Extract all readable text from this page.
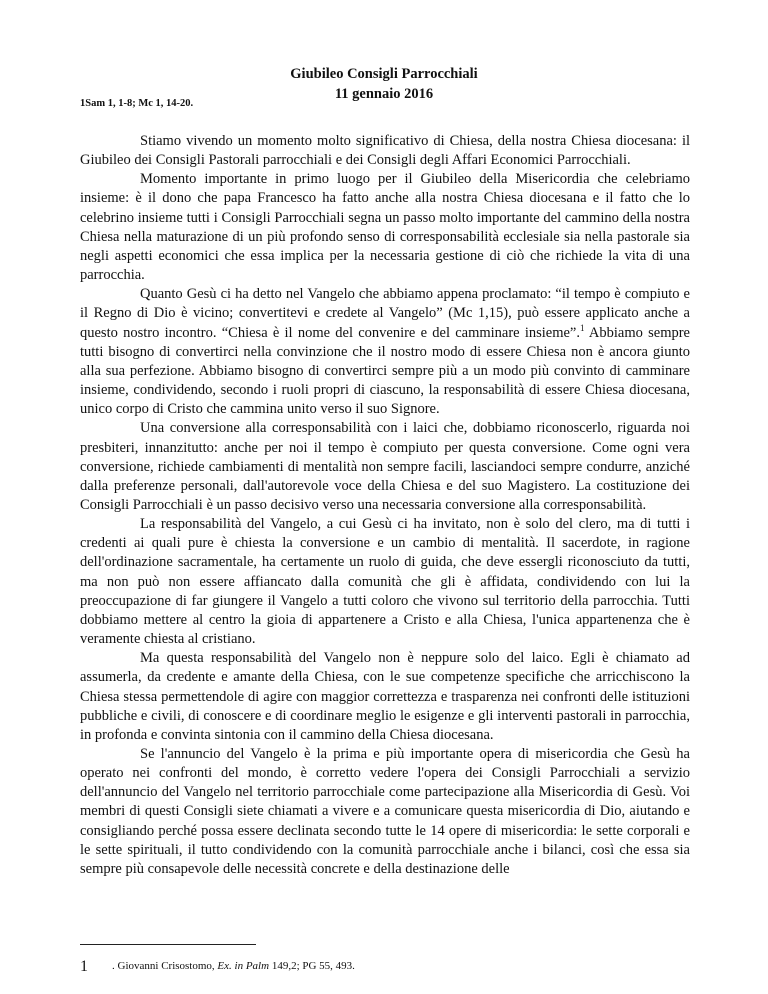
Giubileo Consigli Parrocchiali
11 gennaio 2016
1Sam 1, 1-8; Mc 1, 14-20.

Stiamo vivendo un momento molto significativo di Chiesa, della nostra Chiesa diocesana: il Giubileo dei Consigli Pastorali parrocchiali e dei Consigli degli Affari Economici Parrocchiali.

Momento importante in primo luogo per il Giubileo della Misericordia che celebriamo insieme: è il dono che papa Francesco ha fatto anche alla nostra Chiesa diocesana e il fatto che lo celebrino insieme tutti i Consigli Parrocchiali segna un passo molto importante del cammino della nostra Chiesa nella maturazione di un più profondo senso di corresponsabilità ecclesiale sia nella pastorale sia negli aspetti economici che essa implica per la necessaria gestione di ciò che richiede la vita di una parrocchia.

Quanto Gesù ci ha detto nel Vangelo che abbiamo appena proclamato: “il tempo è compiuto e il Regno di Dio è vicino; convertitevi e credete al Vangelo” (Mc 1,15), può essere applicato anche a questo nostro incontro. “Chiesa è il nome del convenire e del camminare insieme”.$^1$ Abbiamo sempre tutti bisogno di convertirci nella convinzione che il nostro modo di essere Chiesa non è ancora giunto alla sua perfezione. Abbiamo bisogno di convertirci sempre più a un modo più convinto di camminare insieme, condividendo, secondo i ruoli propri di ciascuno, la responsabilità di essere Chiesa diocesana, unico corpo di Cristo che cammina unito verso il suo Signore.

Una conversione alla corresponsabilità con i laici che, dobbiamo riconoscerlo, riguarda noi presbiteri, innanzitutto: anche per noi il tempo è compiuto per questa conversione. Come ogni vera conversione, richiede cambiamenti di mentalità non sempre facili, lasciandoci sempre condurre, anziché dalla preferenze personali, dall'autorevole voce della Chiesa e del suo Magistero. La costituzione dei Consigli Parrocchiali è un passo decisivo verso una necessaria conversione alla corresponsabilità.

La responsabilità del Vangelo, a cui Gesù ci ha invitato, non è solo del clero, ma di tutti i credenti ai quali pure è chiesta la conversione e un cambio di mentalità. Il sacerdote, in ragione dell'ordinazione sacramentale, ha certamente un ruolo di guida, che deve essergli riconosciuto da tutti, ma non può non essere affiancato dalla comunità che gli è affidata, condividendo con lui la preoccupazione di far giungere il Vangelo a tutti coloro che vivono sul territorio della parrocchia. Tutti dobbiamo mettere al centro la gioia di appartenere a Cristo e alla Chiesa, l'unica appartenenza che è veramente chiesta al cristiano.

Ma questa responsabilità del Vangelo non è neppure solo del laico. Egli è chiamato ad assumerla, da credente e amante della Chiesa, con le sue competenze specifiche che arricchiscono la Chiesa stessa permettendole di agire con maggior correttezza e trasparenza nei confronti delle istituzioni pubbliche e civili, di conoscere e di coordinare meglio le esigenze e gli interventi pastorali in parrocchia, in profonda e convinta sintonia con il cammino della Chiesa diocesana.

Se l'annuncio del Vangelo è la prima e più importante opera di misericordia che Gesù ha operato nei confronti del mondo, è corretto vedere l'opera dei Consigli Parrocchiali a servizio dell'annuncio del Vangelo nel territorio parrocchiale come partecipazione alla Misericordia di Gesù. Voi membri di questi Consigli siete chiamati a vivere e a comunicare questa misericordia di Dio, aiutando e consigliando perché possa essere declinata secondo tutte le 14 opere di misericordia: le sette corporali e le sette spirituali, il tutto condividendo con la comunità parrocchiale anche i bilanci, così che essa sia sempre più consapevole delle necessità concrete e della destinazione delle

1 . Giovanni Crisostomo, Ex. in Palm 149,2; PG 55, 493.
